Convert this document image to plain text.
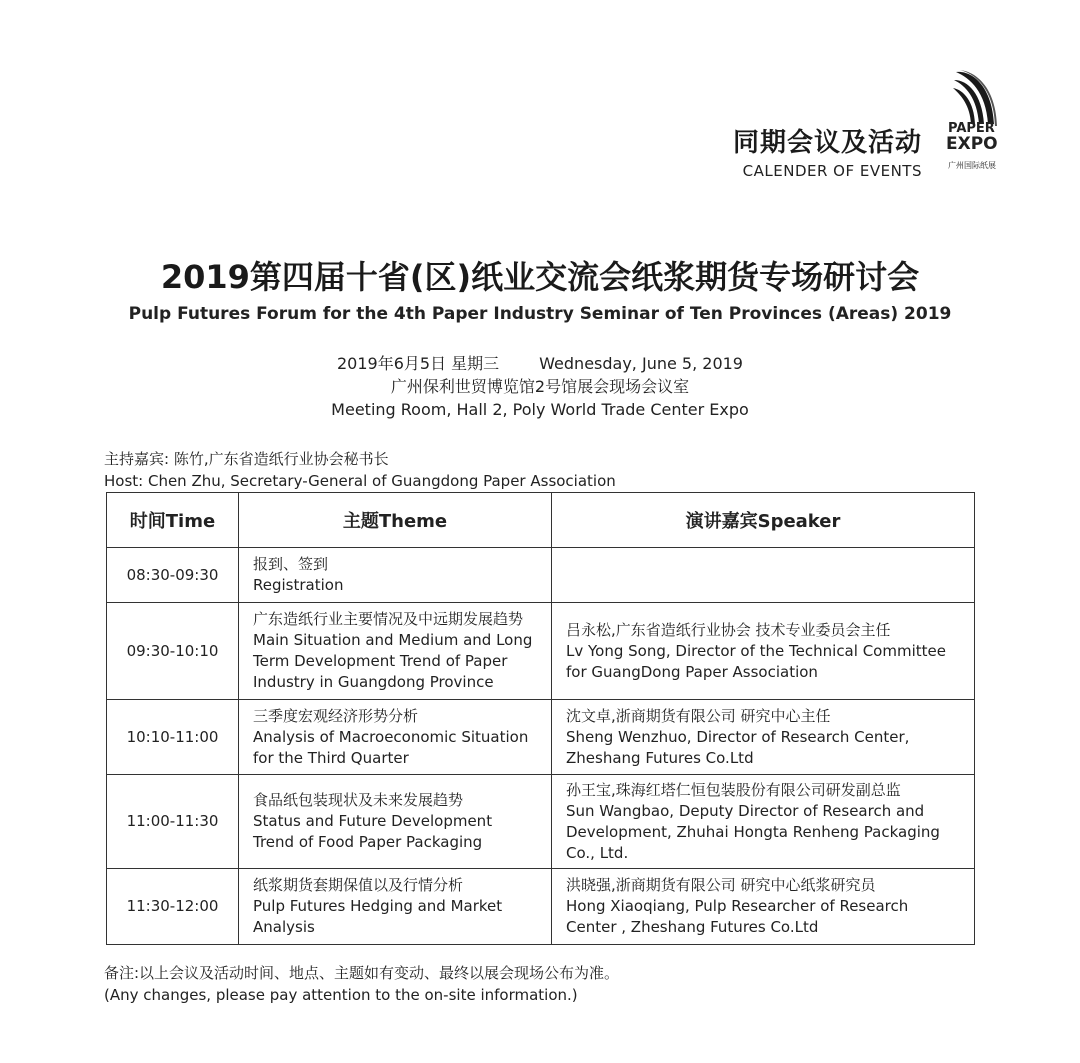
同期会议及活动
CALENDER OF EVENTS
PAPER
EXPO
广州国际纸展
2019第四届十省(区)纸业交流会纸浆期货专场研讨会
Pulp Futures Forum for the 4th Paper Industry Seminar of Ten Provinces (Areas) 2019
2019年6月5日 星期三	Wednesday, June 5, 2019
广州保利世贸博览馆2号馆展会现场会议室
Meeting Room, Hall 2, Poly World Trade Center Expo
主持嘉宾: 陈竹,广东省造纸行业协会秘书长
Host: Chen Zhu, Secretary-General of Guangdong Paper Association
时间Time	主题Theme	演讲嘉宾Speaker
08:30-09:30	报到、签到
Registration	

09:30-10:10	广东造纸行业主要情况及中远期发展趋势
Main Situation and Medium and Long
Term Development Trend of Paper
Industry in Guangdong Province	吕永松,广东省造纸行业协会 技术专业委员会主任
Lv Yong Song, Director of the Technical Committee
for GuangDong Paper Association

10:10-11:00	三季度宏观经济形势分析
Analysis of Macroeconomic Situation
for the Third Quarter	沈文卓,浙商期货有限公司 研究中心主任
Sheng Wenzhuo, Director of Research Center,
Zheshang Futures Co.Ltd

11:00-11:30	食品纸包装现状及未来发展趋势
Status and Future Development
Trend of Food Paper Packaging	孙王宝,珠海红塔仁恒包装股份有限公司研发副总监
Sun Wangbao, Deputy Director of Research and
Development, Zhuhai Hongta Renheng Packaging
Co., Ltd.

11:30-12:00	纸浆期货套期保值以及行情分析
Pulp Futures Hedging and Market
Analysis	洪晓强,浙商期货有限公司 研究中心纸浆研究员
Hong Xiaoqiang, Pulp Researcher of Research
Center , Zheshang Futures Co.Ltd
备注:以上会议及活动时间、地点、主题如有变动、最终以展会现场公布为准。
(Any changes, please pay attention to the on-site information.)
